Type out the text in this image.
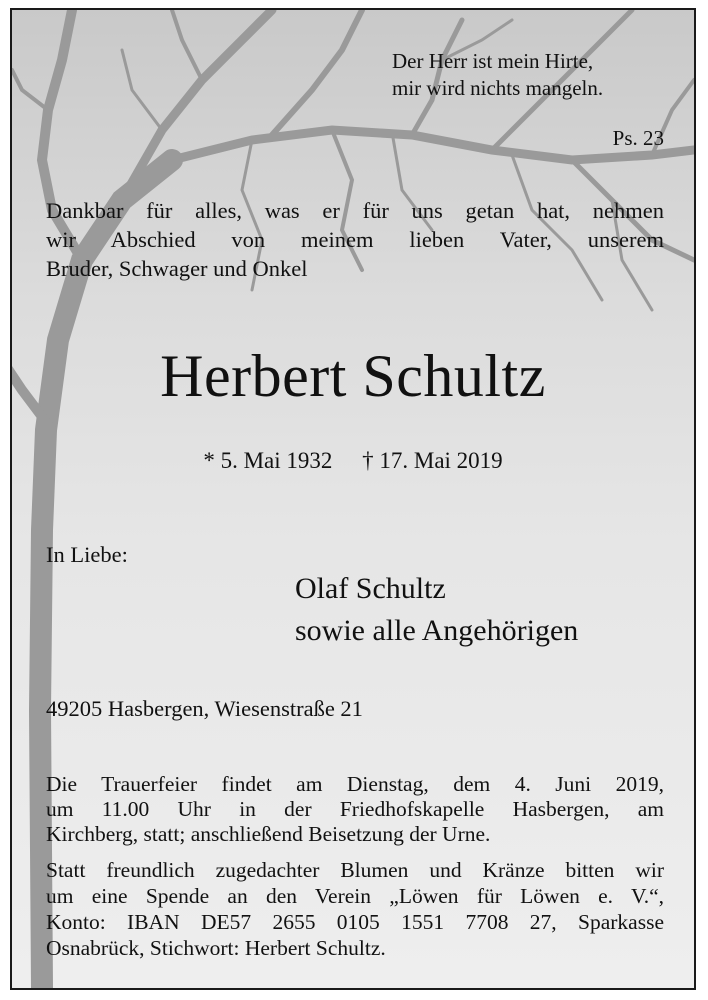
Der Herr ist mein Hirte,
mir wird nichts mangeln.
Ps. 23
Dankbar für alles, was er für uns getan hat, nehmen
wir Abschied von meinem lieben Vater, unserem
Bruder, Schwager und Onkel
Herbert Schultz
* 5. Mai 1932 † 17. Mai 2019
In Liebe:
Olaf Schultz
sowie alle Angehörigen
49205 Hasbergen, Wiesenstraße 21
Die Trauerfeier findet am Dienstag, dem 4. Juni 2019,
um 11.00 Uhr in der Friedhofskapelle Hasbergen, am
Kirchberg, statt; anschließend Beisetzung der Urne.
Statt freundlich zugedachter Blumen und Kränze bitten wir
um eine Spende an den Verein „Löwen für Löwen e. V.“,
Konto: IBAN DE57 2655 0105 1551 7708 27, Sparkasse
Osnabrück, Stichwort: Herbert Schultz.
